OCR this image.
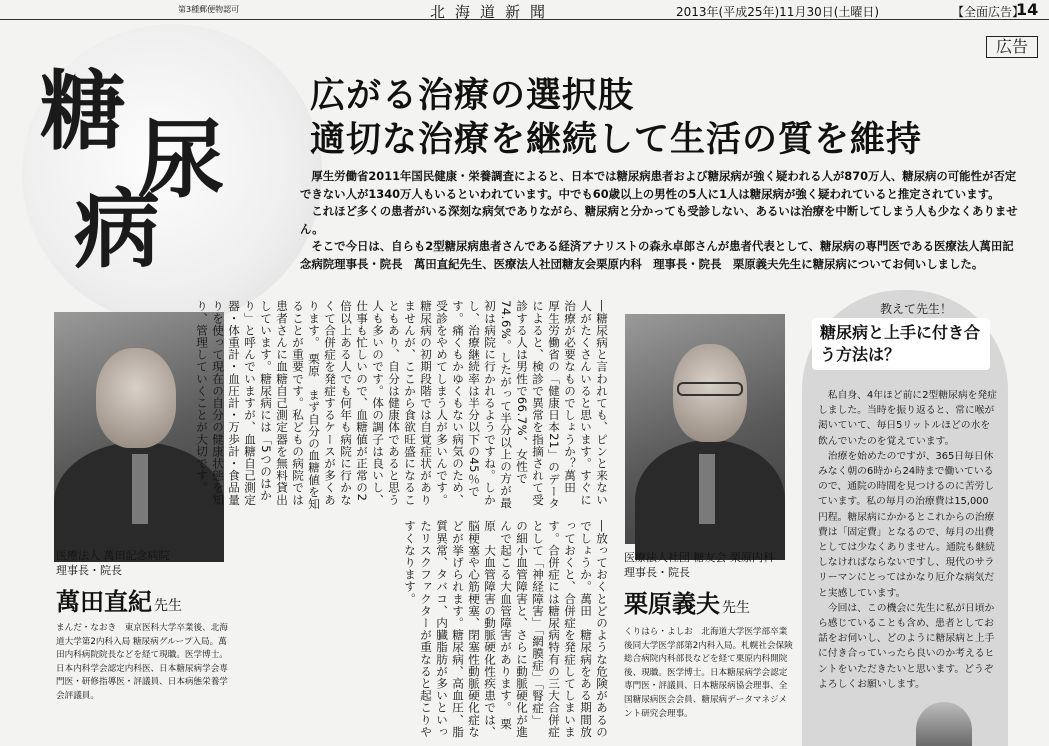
第3種郵便物認可	北海道新聞	2013年(平成25年)11月30日(土曜日)	【全面広告】
14
広告
糖 尿
病
広がる治療の選択肢
適切な治療を継続して生活の質を維持

厚生労働省2011年国民健康・栄養調査によると、日本では糖尿病患者および糖尿病が強く疑われる人が870万人、糖尿病の可能性が否定できない人が1340万人もいるといわれています。中でも60歳以上の男性の5人に1人は糖尿病が強く疑われていると推定されています。

これほど多くの患者がいる深刻な病気でありながら、糖尿病と分かっても受診しない、あるいは治療を中断してしまう人も少なくありません。

そこで今日は、自らも2型糖尿病患者さんである経済アナリストの森永卓郎さんが患者代表として、糖尿病の専門医である医療法人萬田記念病院理事長・院長　萬田直紀先生、医療法人社団糖友会栗原内科　理事長・院長　栗原義夫先生に糖尿病についてお伺いしました。

医療法人 萬田記念病院
理事長・院長
萬田直紀 先生
まんだ・なおき　東京医科大学卒業後、北海道大学第2内科入局 糖尿病グループ入局。萬田内科病院院長などを経て現職。医学博士。日本内科学会認定内科医、日本糖尿病学会専門医・研修指導医・評議員、日本病態栄養学会評議員。
―糖尿病と言われても、ピンと来ない人がたくさんいると思います。すぐに治療が必要なものでしょうか？萬田　厚生労働省の「健康日本21」のデータによると、検診で異常を指摘されて受診する人は男性で66.7%、女性で74.6%。したがって半分以上の方が最初は病院に行かれるようですね。しかし、治療継続率は半分以下の45％です。痛くもかゆくもない病気のため、受診をやめてしまう人が多いんです。 糖尿病の初期段階では自覚症状がありませんが、ここから食欲旺盛になることもあり、自分は健康体であると思う人も多いのです。体の調子は良いし、仕事も忙しいので、血糖値が正常の2倍以上ある人でも何年も病院に行かなくて合併症を発症するケースが多くあります。 栗原　まず自分の血糖値を知ることが重要です。私どもの病院では患者さんに血糖自己測定器を無料貸出しています。糖尿病には「5つのはかり」と呼んでいますが、血糖自己測定器・体重計・血圧計・万歩計・食品量りを使って現在の自分の健康状態を知り、管理していくことが大切です。
―放っておくとどのような危険があるのでしょうか。萬田　糖尿病をある期間放っておくと、合併症を発症してしまいます。合併症には糖尿病特有の三大合併症として「神経障害」「網膜症」「腎症」の細小血管障害と、さらに動脈硬化が進んで起こる大血管障害があります。 栗原　大血管障害の動脈硬化性疾患では、脳梗塞や心筋梗塞、閉塞性動脈硬化症などが挙げられます。糖尿病、高血圧、脂質異常、タバコ、内臓脂肪が多いといったリスクファクターが重なると起こりやすくなります。	医療法人社団 糖友会 栗原内科
理事長・院長
栗原義夫 先生
くりはら・よしお　北海道大学医学部卒業後同大学医学部第2内科入局。札幌社会保険総合病院内科部長などを経て栗原内科開院後、現職。医学博士。日本糖尿病学会認定専門医・評議員、日本糖尿病協会理事、全国糖尿病医会会員、糖尿病データマネジメント研究会理事。
教えて先生！
糖尿病と上手に付き合う方法は？

私自身、4年ほど前に2型糖尿病を発症しました。当時を振り返ると、常に喉が渇いていて、毎日5リットルほどの水を飲んでいたのを覚えています。

治療を始めたのですが、365日毎日休みなく朝の6時から24時まで働いているので、通院の時間を見つけるのに苦労しています。私の毎月の治療費は15,000円程。糖尿病にかかるとこれからの治療費は「固定費」となるので、毎月の出費としては少なくありません。通院も継続しなければならないですし、現代のサラリーマンにとってはかなり厄介な病気だと実感しています。

今回は、この機会に先生に私が日頃から感じていることも含め、患者としてお話をお伺いし、どのように糖尿病と上手に付き合っていったら良いのか考えるヒントをいただきたいと思います。どうぞよろしくお願いします。
